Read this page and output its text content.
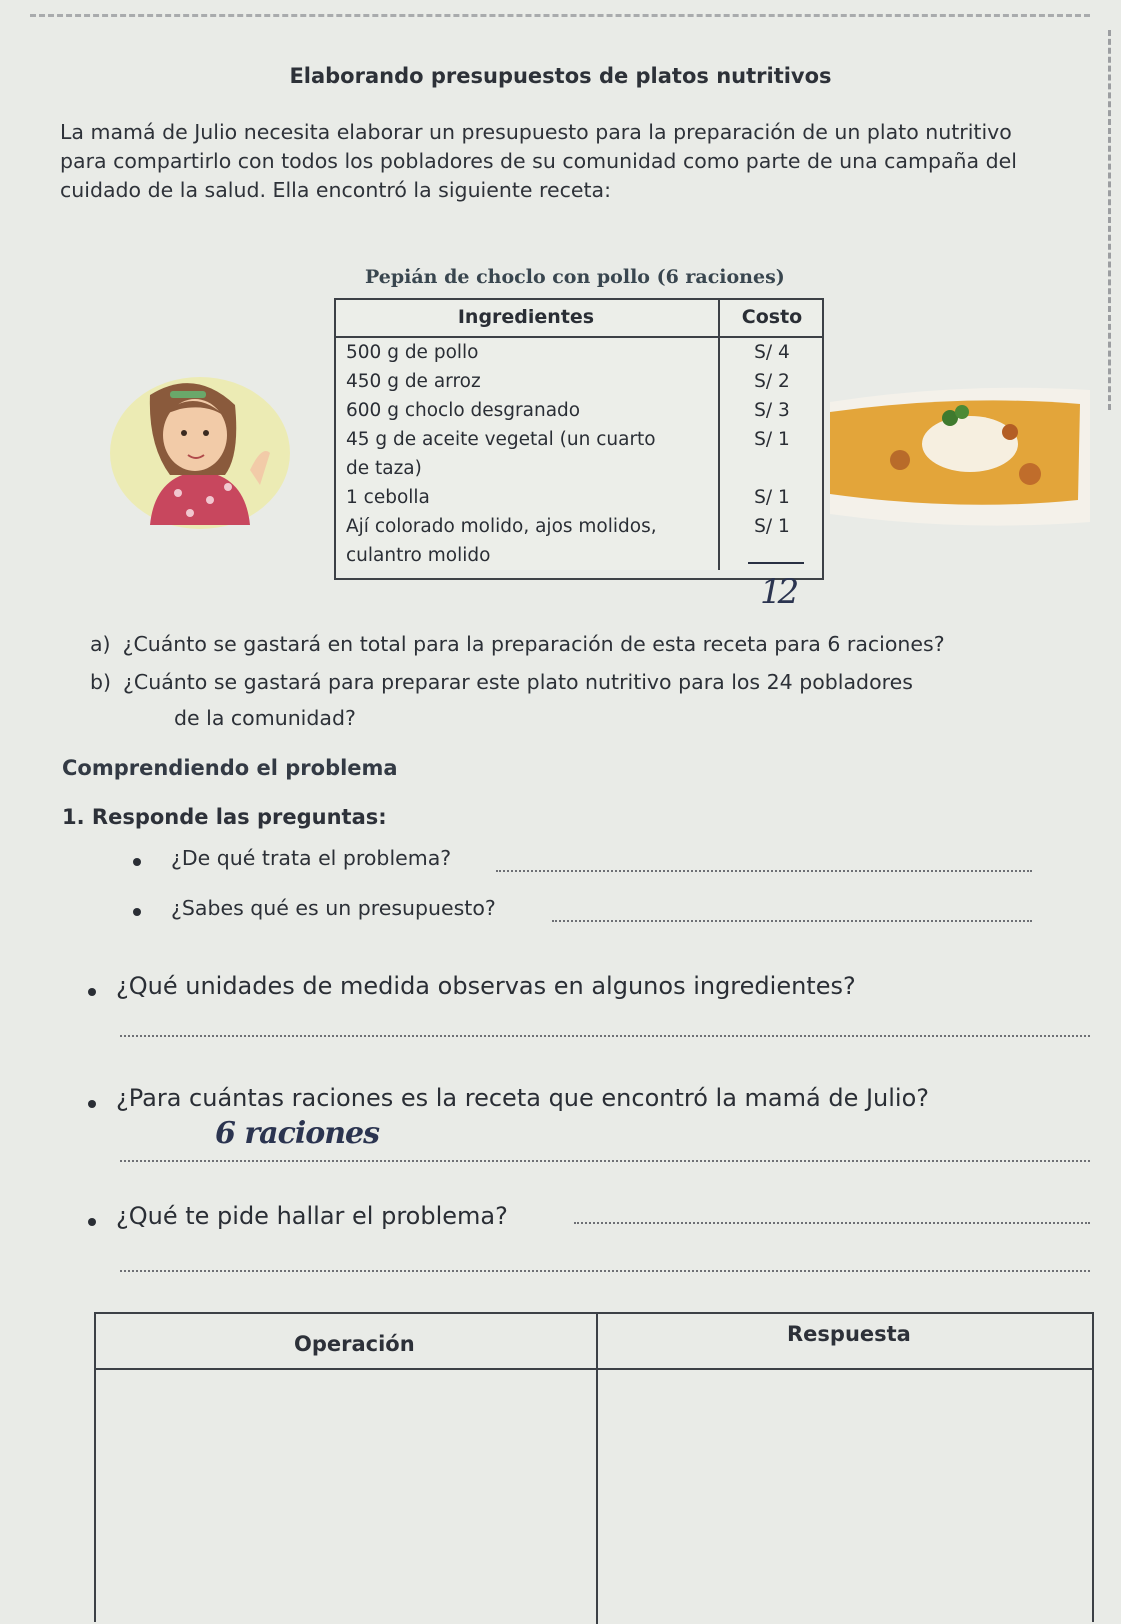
Elaborando presupuestos de platos nutritivos
La mamá de Julio necesita elaborar un presupuesto para la preparación de un plato nutritivo para compartirlo con todos los pobladores de su comunidad como parte de una campaña del cuidado de la salud. Ella encontró la siguiente receta:
Pepián de choclo con pollo (6 raciones)
Ingredientes	Costo
500 g de pollo	S/ 4
450 g de arroz	S/ 2
600 g choclo desgranado	S/ 3
45 g de aceite vegetal (un cuarto	S/ 1
de taza)	
1 cebolla	S/ 1
Ají colorado molido, ajos molidos,	S/ 1
culantro molido	
12
a) ¿Cuánto se gastará en total para la preparación de esta receta para 6 raciones?
b) ¿Cuánto se gastará para preparar este plato nutritivo para los 24 pobladores
de la comunidad?
Comprendiendo el problema
1. Responde las preguntas:
¿De qué trata el problema?
¿Sabes qué es un presupuesto?
¿Qué unidades de medida observas en algunos ingredientes?
¿Para cuántas raciones es la receta que encontró la mamá de Julio?
6 raciones
¿Qué te pide hallar el problema?
Operación	Respuesta
